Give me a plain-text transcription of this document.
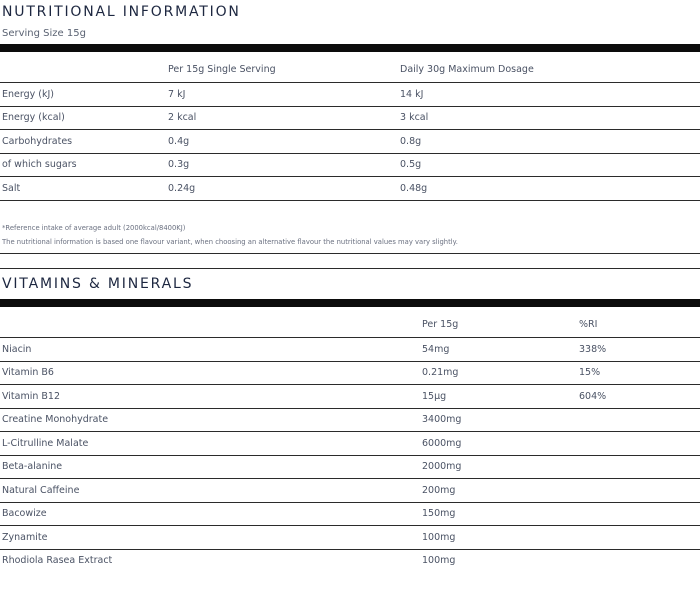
NUTRITIONAL INFORMATION
Serving Size 15g
	Per 15g Single Serving	Daily 30g Maximum Dosage
Energy (kJ)	7 kJ	14 kJ
Energy (kcal)	2 kcal	3 kcal
Carbohydrates	0.4g	0.8g
of which sugars	0.3g	0.5g
Salt	0.24g	0.48g
*Reference intake of average adult (2000kcal/8400KJ)
The nutritional information is based one flavour variant, when choosing an alternative flavour the nutritional values may vary slightly.
VITAMINS & MINERALS
	Per 15g	%RI
Niacin	54mg	338%
Vitamin B6	0.21mg	15%
Vitamin B12	15µg	604%
Creatine Monohydrate	3400mg	
L-Citrulline Malate	6000mg	
Beta-alanine	2000mg	
Natural Caffeine	200mg	
Bacowize	150mg	
Zynamite	100mg	
Rhodiola Rasea Extract	100mg	
